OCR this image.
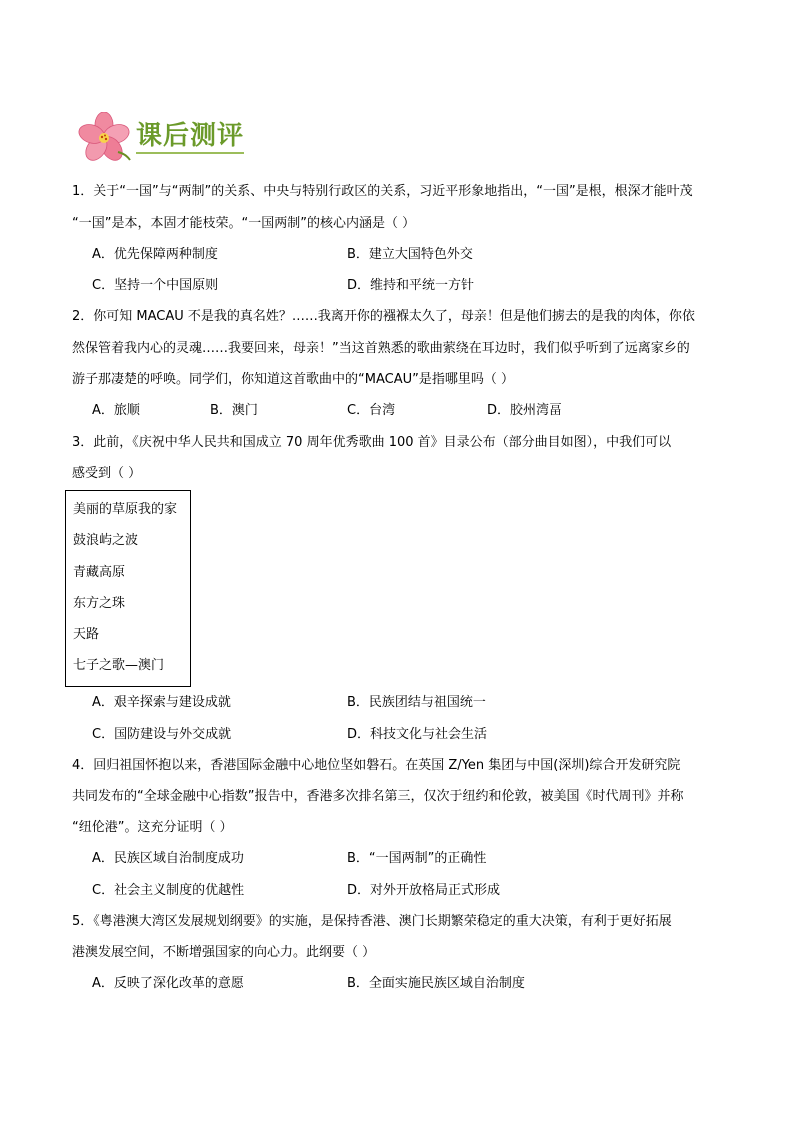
课后测评
1．关于“一国”与“两制”的关系、中央与特别行政区的关系，习近平形象地指出，“一国”是根，根深才能叶茂
“一国”是本，本固才能枝荣。“一国两制”的核心内涵是（ ）
A．优先保障两种制度	B．建立大国特色外交
C．坚持一个中国原则	D．维持和平统一方针
2．你可知 MACAU 不是我的真名姓？……我离开你的襁褓太久了，母亲！但是他们掳去的是我的肉体，你依
然保管着我内心的灵魂……我要回来，母亲！”当这首熟悉的歌曲萦绕在耳边时，我们似乎听到了远离家乡的
游子那凄楚的呼唤。同学们，你知道这首歌曲中的“MACAU”是指哪里吗（ ）
A．旅顺	B．澳门	C．台湾	D．胶州湾畐
3．此前，《庆祝中华人民共和国成立 70 周年优秀歌曲 100 首》目录公布（部分曲目如图），中我们可以
感受到（ ）
美丽的草原我的家
鼓浪屿之波
青藏高原
东方之珠
天路
七子之歌—澳门
A．艰辛探索与建设成就	B．民族团结与祖国统一
C．国防建设与外交成就	D．科技文化与社会生活
4．回归祖国怀抱以来，香港国际金融中心地位坚如磐石。在英国 Z/Yen 集团与中国(深圳)综合开发研究院
共同发布的“全球金融中心指数”报告中，香港多次排名第三，仅次于纽约和伦敦，被美国《时代周刊》并称
“纽伦港”。这充分证明（ ）
A．民族区域自治制度成功	B．“一国两制”的正确性
C．社会主义制度的优越性	D．对外开放格局正式形成
5．《粤港澳大湾区发展规划纲要》的实施，是保持香港、澳门长期繁荣稳定的重大决策，有利于更好拓展
港澳发展空间，不断增强国家的向心力。此纲要（ ）
A．反映了深化改革的意愿	B．全面实施民族区域自治制度
